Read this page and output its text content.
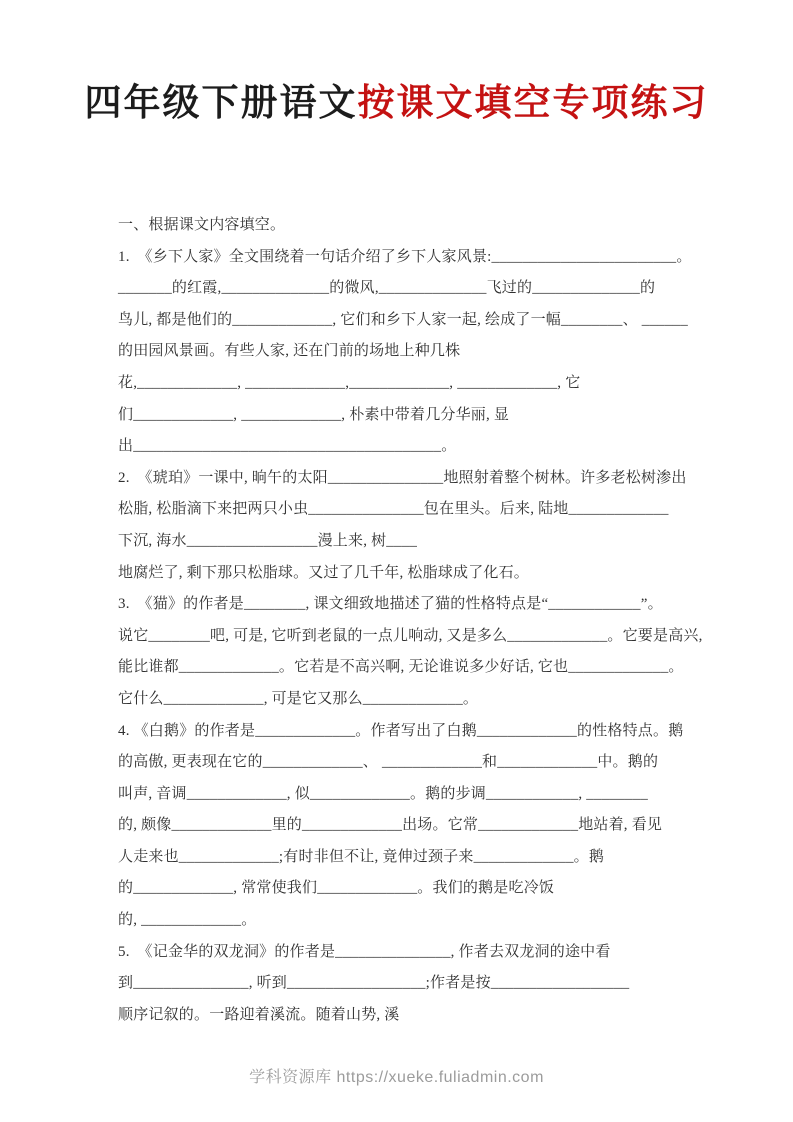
四年级下册语文按课文填空专项练习
一、根据课文内容填空。
1.  《乡下人家》全文围绕着一句话介绍了乡下人家风景:________________________。
_______的红霞,______________的微风,______________飞过的______________的
鸟儿, 都是他们的_____________, 它们和乡下人家一起, 绘成了一幅________、 ______
的田园风景画。有些人家, 还在门前的场地上种几株
花,_____________, _____________,_____________, _____________, 它
们_____________, _____________, 朴素中带着几分华丽, 显
出________________________________________。
2.  《琥珀》一课中, 晌午的太阳_______________地照射着整个树林。许多老松树渗出
松脂, 松脂滴下来把两只小虫_______________包在里头。后来, 陆地_____________
下沉, 海水_________________漫上来, 树____
地腐烂了, 剩下那只松脂球。又过了几千年, 松脂球成了化石。
3.  《猫》的作者是________, 课文细致地描述了猫的性格特点是“____________”。
说它________吧, 可是, 它听到老鼠的一点儿响动, 又是多么_____________。它要是高兴,
能比谁都_____________。它若是不高兴啊, 无论谁说多少好话, 它也_____________。
它什么_____________, 可是它又那么_____________。
4. 《白鹅》的作者是_____________。作者写出了白鹅_____________的性格特点。鹅
的高傲, 更表现在它的_____________、 _____________和_____________中。鹅的
叫声, 音调_____________, 似_____________。鹅的步调____________, ________
的, 颇像_____________里的_____________出场。它常_____________地站着, 看见
人走来也_____________;有时非但不让, 竟伸过颈子来_____________。鹅
的_____________, 常常使我们_____________。我们的鹅是吃冷饭
的, _____________。
5.  《记金华的双龙洞》的作者是_______________, 作者去双龙洞的途中看
到_______________, 听到__________________;作者是按__________________
顺序记叙的。一路迎着溪流。随着山势, 溪
学科资源库 https://xueke.fuliadmin.com
